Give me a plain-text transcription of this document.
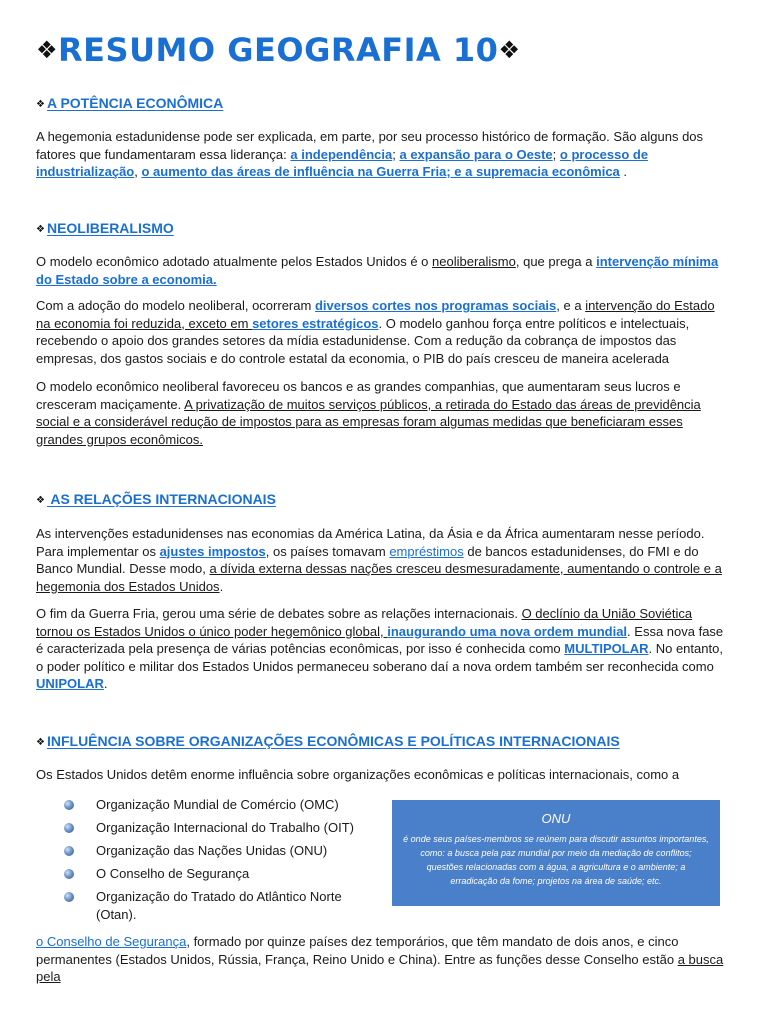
❖RESUMO GEOGRAFIA 10❖
❖ A POTÊNCIA ECONÔMICA

A hegemonia estadunidense pode ser explicada, em parte, por seu processo histórico de formação. São alguns dos fatores que fundamentaram essa liderança: a independência; a expansão para o Oeste; o processo de industrialização, o aumento das áreas de influência na Guerra Fria; e a supremacia econômica .

❖ NEOLIBERALISMO

O modelo econômico adotado atualmente pelos Estados Unidos é o neoliberalismo, que prega a intervenção mínima do Estado sobre a economia.

Com a adoção do modelo neoliberal, ocorreram diversos cortes nos programas sociais, e a intervenção do Estado na economia foi reduzida, exceto em setores estratégicos. O modelo ganhou força entre políticos e intelectuais, recebendo o apoio dos grandes setores da mídia estadunidense. Com a redução da cobrança de impostos das empresas, dos gastos sociais e do controle estatal da economia, o PIB do país cresceu de maneira acelerada

O modelo econômico neoliberal favoreceu os bancos e as grandes companhias, que aumentaram seus lucros e cresceram maciçamente. A privatização de muitos serviços públicos, a retirada do Estado das áreas de previdência social e a considerável redução de impostos para as empresas foram algumas medidas que beneficiaram esses grandes grupos econômicos.

❖ AS RELAÇÕES INTERNACIONAIS

As intervenções estadunidenses nas economias da América Latina, da Ásia e da África aumentaram nesse período. Para implementar os ajustes impostos, os países tomavam empréstimos de bancos estadunidenses, do FMI e do Banco Mundial. Desse modo, a dívida externa dessas nações cresceu desmesuradamente, aumentando o controle e a hegemonia dos Estados Unidos.

O fim da Guerra Fria, gerou uma série de debates sobre as relações internacionais. O declínio da União Soviética tornou os Estados Unidos o único poder hegemônico global, inaugurando uma nova ordem mundial. Essa nova fase é caracterizada pela presença de várias potências econômicas, por isso é conhecida como MULTIPOLAR. No entanto, o poder político e militar dos Estados Unidos permaneceu soberano daí a nova ordem também ser reconhecida como UNIPOLAR.

❖ INFLUÊNCIA SOBRE ORGANIZAÇÕES ECONÔMICAS E POLÍTICAS INTERNACIONAIS

Os Estados Unidos detêm enorme influência sobre organizações econômicas e políticas internacionais, como a

Organização Mundial de Comércio (OMC)
Organização Internacional do Trabalho (OIT)
Organização das Nações Unidas (ONU)
O Conselho de Segurança
Organização do Tratado do Atlântico Norte (Otan).
ONU
é onde seus países-membros se reúnem para discutir assuntos importantes, como: a busca pela paz mundial por meio da mediação de conflitos; questões relacionadas com a água, a agricultura e o ambiente; a erradicação da fome; projetos na área de saúde; etc.

o Conselho de Segurança, formado por quinze países dez temporários, que têm mandato de dois anos, e cinco permanentes (Estados Unidos, Rússia, França, Reino Unido e China). Entre as funções desse Conselho estão a busca pela
